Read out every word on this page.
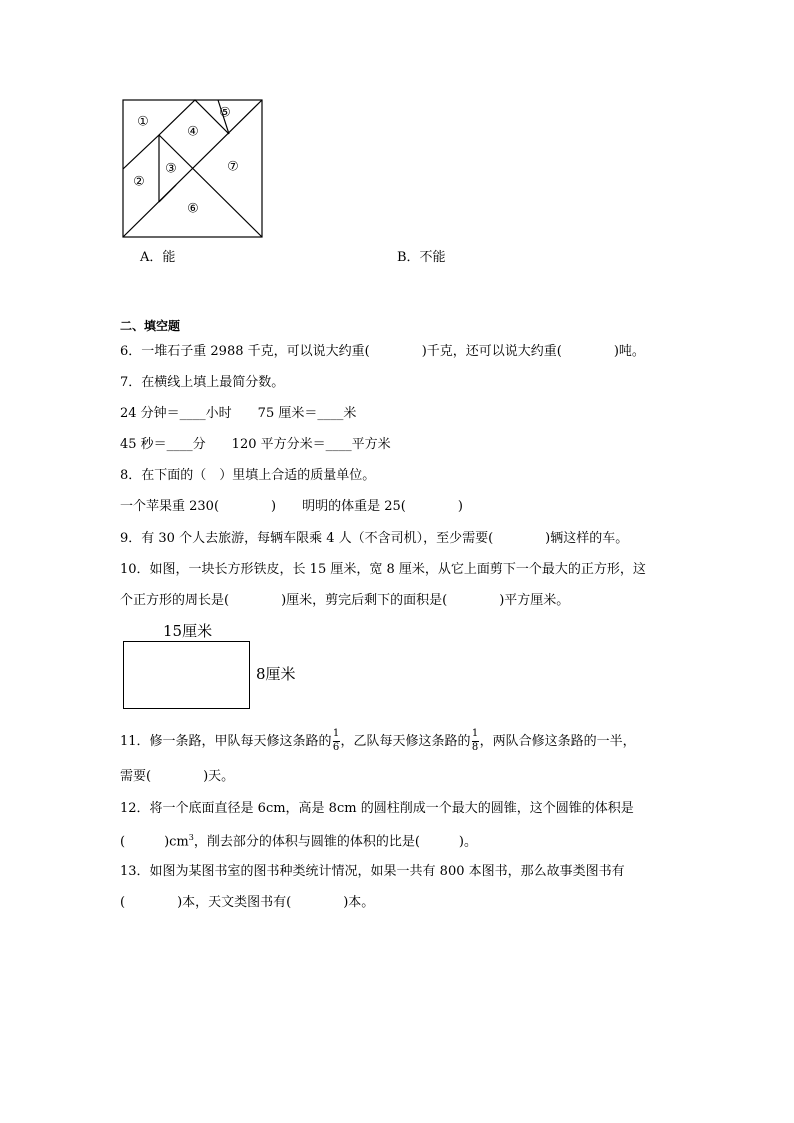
①
②
③
④
⑤
⑥
⑦
A．能	B．不能
二、填空题
6．一堆石子重 2988 千克，可以说大约重(　　　　)千克，还可以说大约重(　　　　)吨。
7．在横线上填上最简分数。
24 分钟＝____小时　　75 厘米＝____米
45 秒＝____分　　120 平方分米＝____平方米
8．在下面的（　）里填上合适的质量单位。
一个苹果重 230(　　　　)　　明明的体重是 25(　　　　)
9．有 30 个人去旅游，每辆车限乘 4 人（不含司机），至少需要(　　　　)辆这样的车。
10．如图，一块长方形铁皮，长 15 厘米，宽 8 厘米，从它上面剪下一个最大的正方形，这
个正方形的周长是(　　　　)厘米，剪完后剩下的面积是(　　　　)平方厘米。
15厘米
8厘米
11．修一条路，甲队每天修这条路的 $\frac{1}{6}$ ，乙队每天修这条路的 $\frac{1}{8}$ ，两队合修这条路的一半，
需要(　　　　)天。
12．将一个底面直径是 6cm，高是 8cm 的圆柱削成一个最大的圆锥，这个圆锥的体积是
(　　　)$cm^3$，削去部分的体积与圆锥的体积的比是(　　　)。
13．如图为某图书室的图书种类统计情况，如果一共有 800 本图书，那么故事类图书有
(　　　　)本，天文类图书有(　　　　)本。
